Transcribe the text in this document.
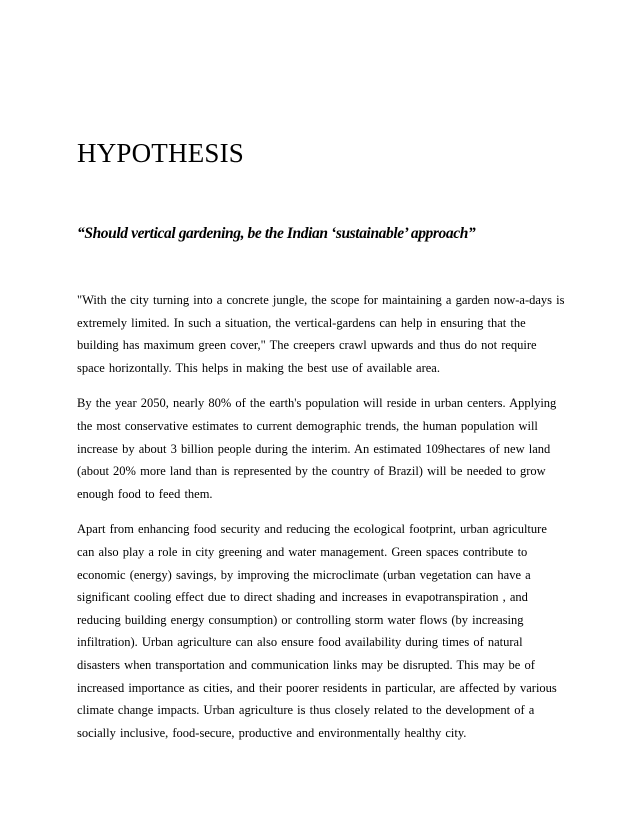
HYPOTHESIS

“Should vertical gardening, be the Indian ‘sustainable’ approach”

"With the city turning into a concrete jungle, the scope for maintaining a garden now-a-days is extremely limited. In such a situation, the vertical-gardens can help in ensuring that the building has maximum green cover," The creepers crawl upwards and thus do not require space horizontally. This helps in making the best use of available area.

By the year 2050, nearly 80% of the earth's population will reside in urban centers. Applying the most conservative estimates to current demographic trends, the human population will increase by about 3 billion people during the interim. An estimated 109hectares of new land (about 20% more land than is represented by the country of Brazil) will be needed to grow enough food to feed them.

Apart from enhancing food security and reducing the ecological footprint, urban agriculture can also play a role in city greening and water management. Green spaces contribute to economic (energy) savings, by improving the microclimate (urban vegetation can have a significant cooling effect due to direct shading and increases in evapotranspiration , and reducing building energy consumption) or controlling storm water flows (by increasing infiltration). Urban agriculture can also ensure food availability during times of natural disasters when transportation and communication links may be disrupted. This may be of increased importance as cities, and their poorer residents in particular, are affected by various climate change impacts. Urban agriculture is thus closely related to the development of a socially inclusive, food-secure, productive and environmentally healthy city.
